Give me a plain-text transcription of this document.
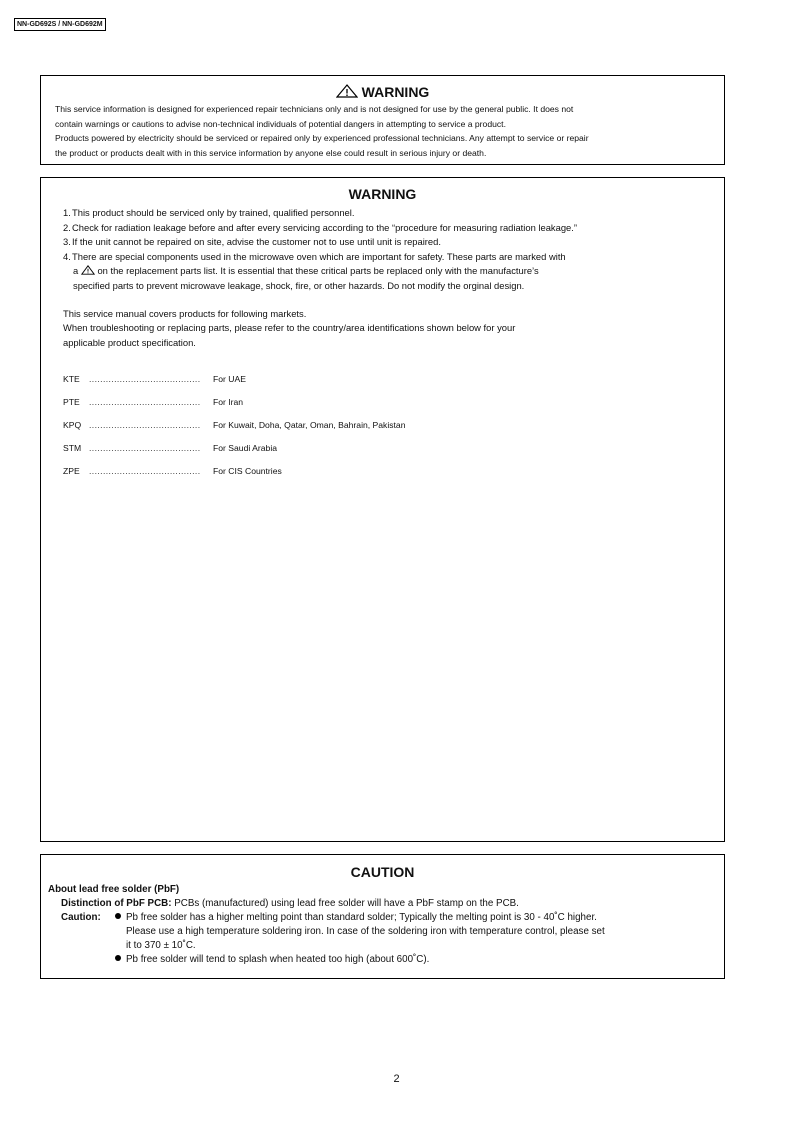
NN-GD692S / NN-GD692M
WARNING
This service information is designed for experienced repair technicians only and is not designed for use by the general public. It does not
contain warnings or cautions to advise non-technical individuals of potential dangers in attempting to service a product.
Products powered by electricity should be serviced or repaired only by experienced professional technicians. Any attempt to service or repair
the product or products dealt with in this service information by anyone else could result in serious injury or death.
WARNING
1.This product should be serviced only by trained, qualified personnel.
2.Check for radiation leakage before and after every servicing according to the “procedure for measuring radiation leakage.”
3.If the unit cannot be repaired on site, advise the customer not to use until unit is repaired.
4.There are special components used in the microwave oven which are important for safety. These parts are marked with
a on the replacement parts list. It is essential that these critical parts be replaced only with the manufacture’s
specified parts to prevent microwave leakage, shock, fire, or other hazards. Do not modify the orginal design.
This service manual covers products for following markets.
When troubleshooting or replacing parts, please refer to the country/area identifications shown below for your
applicable product specification.
KTE	........................................	For UAE
PTE	........................................	For Iran
KPQ ........................................	For Kuwait, Doha, Qatar, Oman, Bahrain, Pakistan
STM ........................................	For Saudi Arabia
ZPE	........................................	For CIS Countries
CAUTION
About lead free solder (PbF)
Distinction of PbF PCB: PCBs (manufactured) using lead free solder will have a PbF stamp on the PCB.
Caution:	Pb free solder has a higher melting point than standard solder; Typically the melting point is 30 - 40˚C higher.
Please use a high temperature soldering iron. In case of the soldering iron with temperature control, please set
it to 370 ± 10˚C.
Pb free solder will tend to splash when heated too high (about 600˚C).
2
